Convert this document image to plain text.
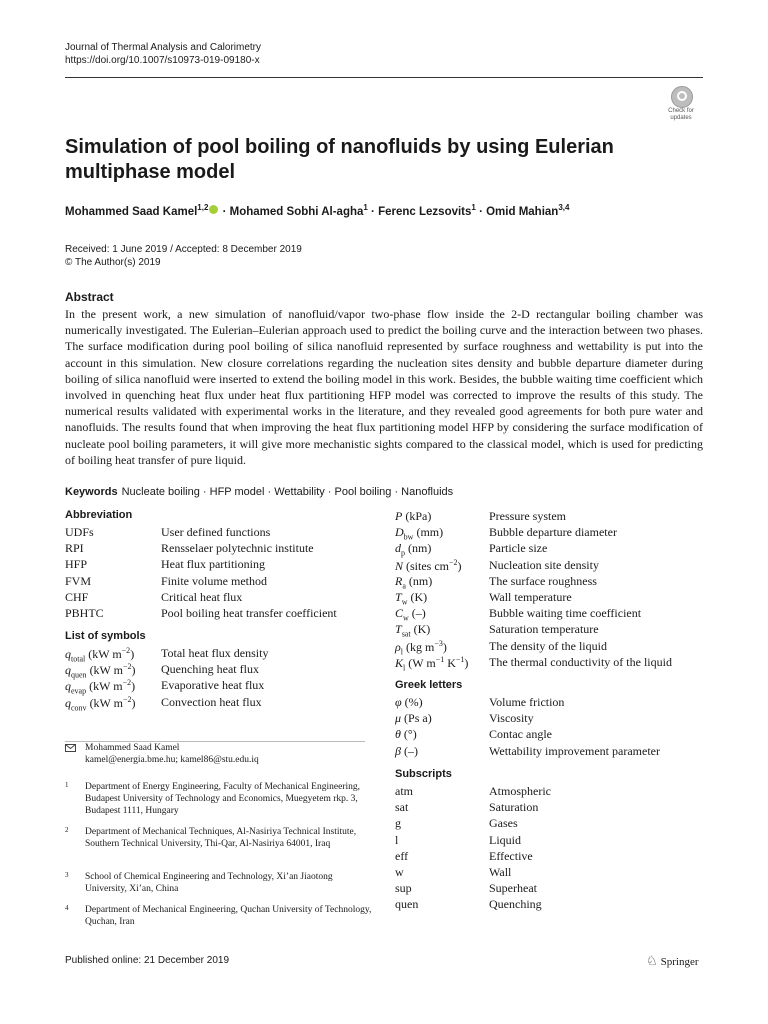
Journal of Thermal Analysis and Calorimetry
https://doi.org/10.1007/s10973-019-09180-x
Check for
updates
Simulation of pool boiling of nanofluids by using Eulerian multiphase model
Mohammed Saad Kamel$^{1,2}$ · Mohamed Sobhi Al-agha$^1$ · Ferenc Lezsovits$^1$ · Omid Mahian$^{3,4}$
Received: 1 June 2019 / Accepted: 8 December 2019
© The Author(s) 2019
Abstract
In the present work, a new simulation of nanofluid/vapor two-phase flow inside the 2-D rectangular boiling chamber was numerically investigated. The Eulerian–Eulerian approach used to predict the boiling curve and the interaction between two phases. The surface modification during pool boiling of silica nanofluid represented by surface roughness and wettability is put into the account in this simulation. New closure correlations regarding the nucleation sites density and bubble departure diameter during boiling of silica nanofluid were inserted to extend the boiling model in this work. Besides, the bubble waiting time coefficient which involved in quenching heat flux under heat flux partitioning HFP model was corrected to improve the results of this study. The numerical results validated with experimental works in the literature, and they revealed good agreements for both pure water and nanofluids. The results found that when improving the heat flux partitioning model HFP by considering the surface modification of nucleate pool boiling parameters, it will give more mechanistic sights compared to the classical model, which is used for predicting of boiling heat transfer of pure liquid.
Keywords Nucleate boiling · HFP model · Wettability · Pool boiling · Nanofluids
Abbreviation
UDFs	User defined functions
RPI	Rensselaer polytechnic institute
HFP	Heat flux partitioning
FVM	Finite volume method
CHF	Critical heat flux
PBHTC	Pool boiling heat transfer coefficient
List of symbols
$q_{total}$ (kW $m^{-2}$) Total heat flux density
$q_{quen}$ (kW $m^{-2}$) Quenching heat flux
$q_{evap}$ (kW $m^{-2}$) Evaporative heat flux
$q_{conv}$ (kW $m^{-2}$) Convection heat flux
P (kPa)	Pressure system
$D_{bw}$ (mm)	Bubble departure diameter
$d_p$ (nm)	Particle size
N (sites $cm^{-2}$) Nucleation site density
$R_a$ (nm)	The surface roughness
$T_w$ (K)	Wall temperature
$C_w$ (–)	Bubble waiting time coefficient
$T_{sat}$ (K)	Saturation temperature
$\rho_l$ (kg $m^{-3}$)	The density of the liquid
$K_l$ (W $m^{-1}$ $K^{-1}$) The thermal conductivity of the liquid
Greek letters
φ (%)	Volume friction
μ (Ps a)	Viscosity
θ (°)	Contac angle
β (–)	Wettability improvement parameter
Subscripts
atm	Atmospheric
sat	Saturation
g	Gases
l	Liquid
eff	Effective
w	Wall
sup	Superheat
quen	Quenching
Mohammed Saad Kamel
kamel@energia.bme.hu; kamel86@stu.edu.iq
1 Department of Energy Engineering, Faculty of Mechanical Engineering, Budapest University of Technology and Economics, Muegyetem rkp. 3, Budapest 1111, Hungary
2 Department of Mechanical Techniques, Al-Nasiriya Technical Institute, Southern Technical University, Thi-Qar, Al-Nasiriya 64001, Iraq
3 School of Chemical Engineering and Technology, Xi’an Jiaotong University, Xi’an, China
4 Department of Mechanical Engineering, Quchan University of Technology, Quchan, Iran
Published online: 21 December 2019	♘ Springer
